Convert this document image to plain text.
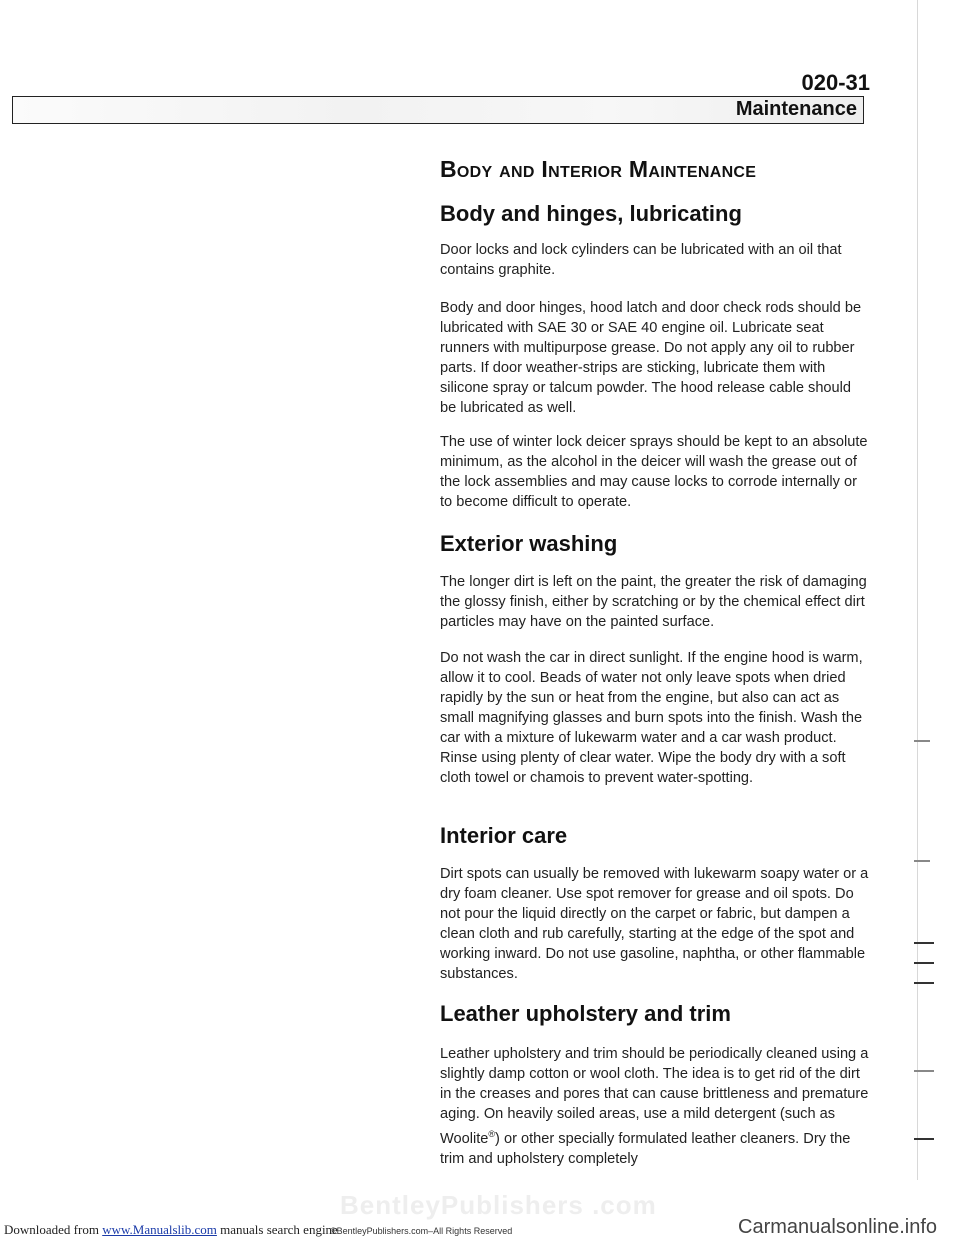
020-31
Maintenance
Body and Interior Maintenance
Body and hinges, lubricating

Door locks and lock cylinders can be lubricated with an oil that contains graphite.

Body and door hinges, hood latch and door check rods should be lubricated with SAE 30 or SAE 40 engine oil. Lubricate seat runners with multipurpose grease. Do not apply any oil to rubber parts. If door weather-strips are sticking, lubricate them with silicone spray or talcum powder. The hood release cable should be lubricated as well.

The use of winter lock deicer sprays should be kept to an absolute minimum, as the alcohol in the deicer will wash the grease out of the lock assemblies and may cause locks to corrode internally or to become difficult to operate.

Exterior washing

The longer dirt is left on the paint, the greater the risk of damaging the glossy finish, either by scratching or by the chemical effect dirt particles may have on the painted surface.

Do not wash the car in direct sunlight. If the engine hood is warm, allow it to cool. Beads of water not only leave spots when dried rapidly by the sun or heat from the engine, but also can act as small magnifying glasses and burn spots into the finish. Wash the car with a mixture of lukewarm water and a car wash product. Rinse using plenty of clear water. Wipe the body dry with a soft cloth towel or chamois to prevent water-spotting.

Interior care

Dirt spots can usually be removed with lukewarm soapy water or a dry foam cleaner. Use spot remover for grease and oil spots. Do not pour the liquid directly on the carpet or fabric, but dampen a clean cloth and rub carefully, starting at the edge of the spot and working inward. Do not use gasoline, naphtha, or other flammable substances.

Leather upholstery and trim

Leather upholstery and trim should be periodically cleaned using a slightly damp cotton or wool cloth. The idea is to get rid of the dirt in the creases and pores that can cause brittleness and premature aging. On heavily soiled areas, use a mild detergent (such as Woolite®) or other specially formulated leather cleaners. Dry the trim and upholstery completely

BentleyPublishers .com
Downloaded from www.Manualslib.com manuals search engine
©BentleyPublishers.com–All Rights Reserved	Carmanualsonline.info
